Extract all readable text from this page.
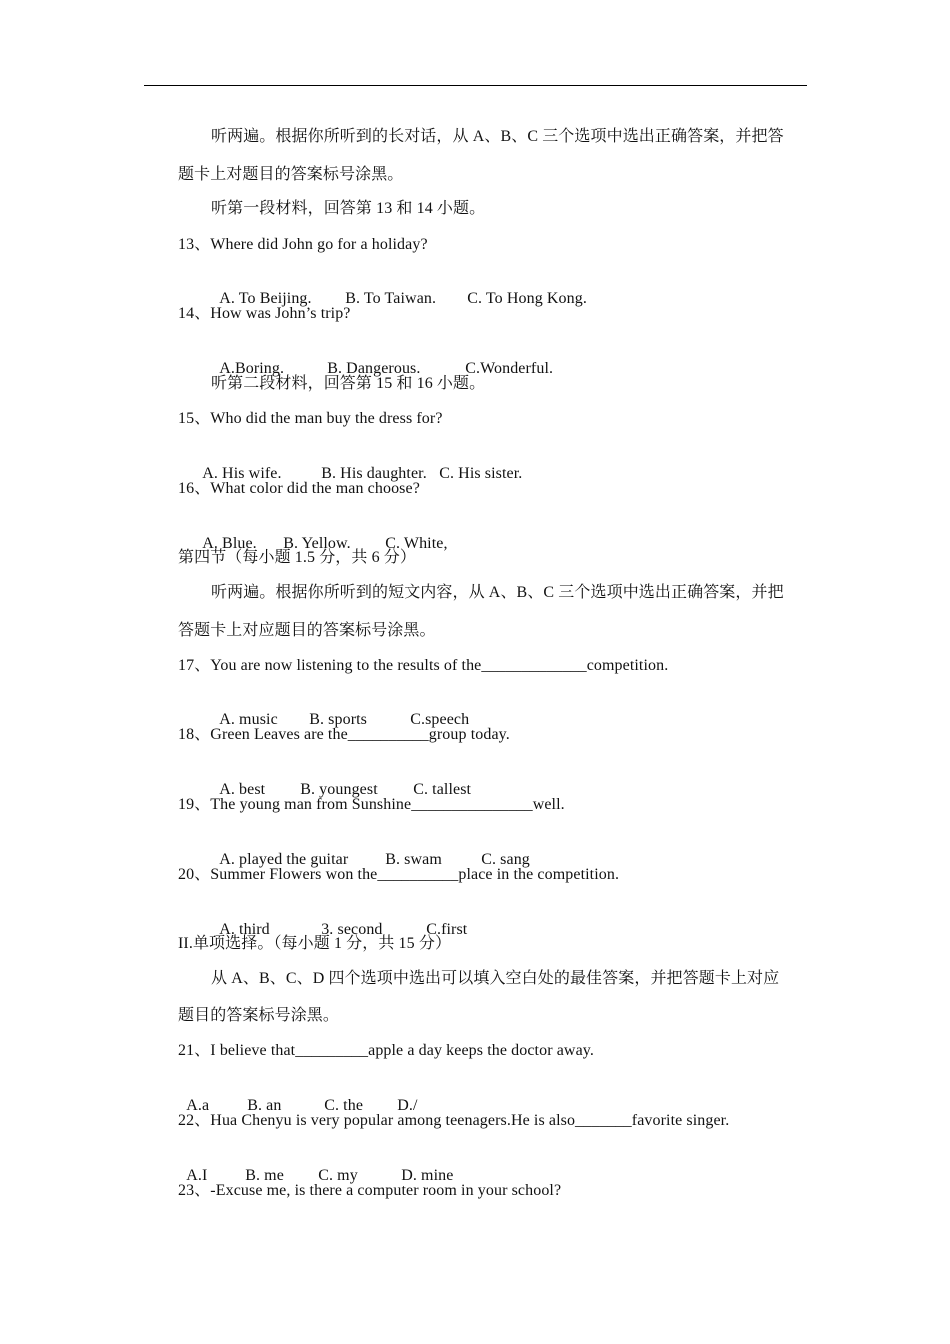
听两遍。根据你所听到的长对话，从 A、B、C 三个选项中选出正确答案，并把答
题卡上对题目的答案标号涂黑。
听第一段材料，回答第 13 和 14 小题。
13、Where did John go for a holiday?

A. To Beijing. B. To Taiwan. C. To Hong Kong.

14、How was John’s trip?

A.Boring.	B. Dangerous.	C.Wonderful.

听第二段材料，回答第 15 和 16 小题。
15、Who did the man buy the dress for?

A. His wife. B. His daughter. C. His sister.

16、What color did the man choose?

A. Blue. B. Yellow. C. White,

第四节（每小题 1.5 分，共 6 分）
听两遍。根据你所听到的短文内容，从 A、B、C 三个选项中选出正确答案，并把
答题卡上对应题目的答案标号涂黑。
17、You are now listening to the results of the_____________competition.

A. music B. sports	C.speech

18、Green Leaves are the__________group today.

A. best B. youngest C. tallest

19、The young man from Sunshine_______________well.

A. played the guitar B. swam C. sang

20、Summer Flowers won the__________place in the competition.

A. third	3. second	C.first

II.单项选择。（每小题 1 分，共 15 分）
从 A、B、C、D 四个选项中选出可以填入空白处的最佳答案，并把答题卡上对应
题目的答案标号涂黑。
21、I believe that_________apple a day keeps the doctor away.

A.a B. an	C. the D./

22、Hua Chenyu is very popular among teenagers.He is also_______favorite singer.

A.I B. me C. my	D. mine

23、-Excuse me, is there a computer room in your school?
